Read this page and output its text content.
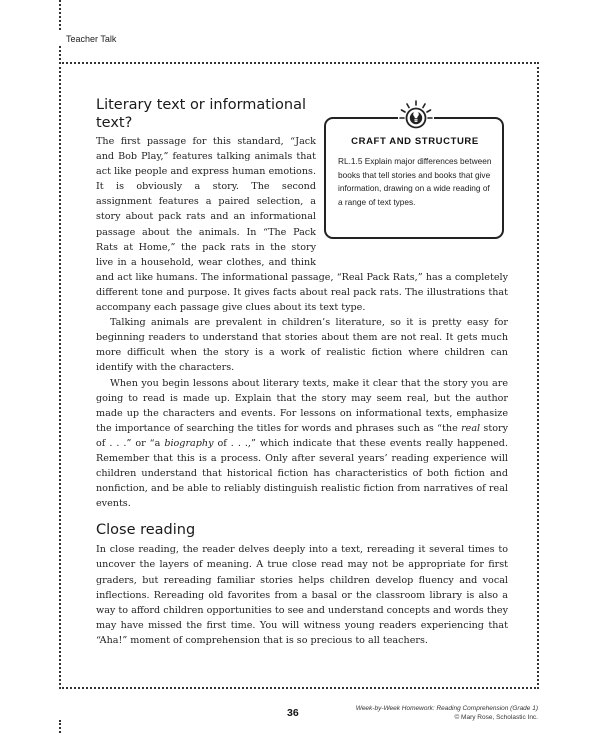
Teacher Talk
CRAFT AND STRUCTURE
RL.1.5 Explain major differences between books that tell stories and books that give information, drawing on a wide reading of a range of text types.
Literary text or informational text?

The first passage for this standard, “Jack and Bob Play,” features talking animals that act like people and express human emotions. It is obviously a story. The second assignment features a paired selection, a story about pack rats and an informational passage about the animals. In “The Pack Rats at Home,” the pack rats in the story live in a household, wear clothes, and think and act like humans. The informational passage, “Real Pack Rats,” has a completely different tone and purpose. It gives facts about real pack rats. The illustrations that accompany each passage give clues about its text type.

Talking animals are prevalent in children’s literature, so it is pretty easy for beginning readers to understand that stories about them are not real. It gets much more difficult when the story is a work of realistic fiction where children can identify with the characters.

When you begin lessons about literary texts, make it clear that the story you are going to read is made up. Explain that the story may seem real, but the author made up the characters and events. For lessons on informational texts, emphasize the importance of searching the titles for words and phrases such as “the real story of . . .” or “a biography of . . .,” which indicate that these events really happened. Remember that this is a process. Only after several years’ reading experience will children understand that historical fiction has characteristics of both fiction and nonfiction, and be able to reliably distinguish realistic fiction from narratives of real events.

Close reading

In close reading, the reader delves deeply into a text, rereading it several times to uncover the layers of meaning. A true close read may not be appropriate for first graders, but rereading familiar stories helps children develop fluency and vocal inflections. Rereading old favorites from a basal or the classroom library is also a way to afford children opportunities to see and understand concepts and words they may have missed the first time. You will witness young readers experiencing that “Aha!” moment of comprehension that is so precious to all teachers.

Week-by-Week Homework: Reading Comprehension (Grade 1)
© Mary Rose, Scholastic Inc.
36
